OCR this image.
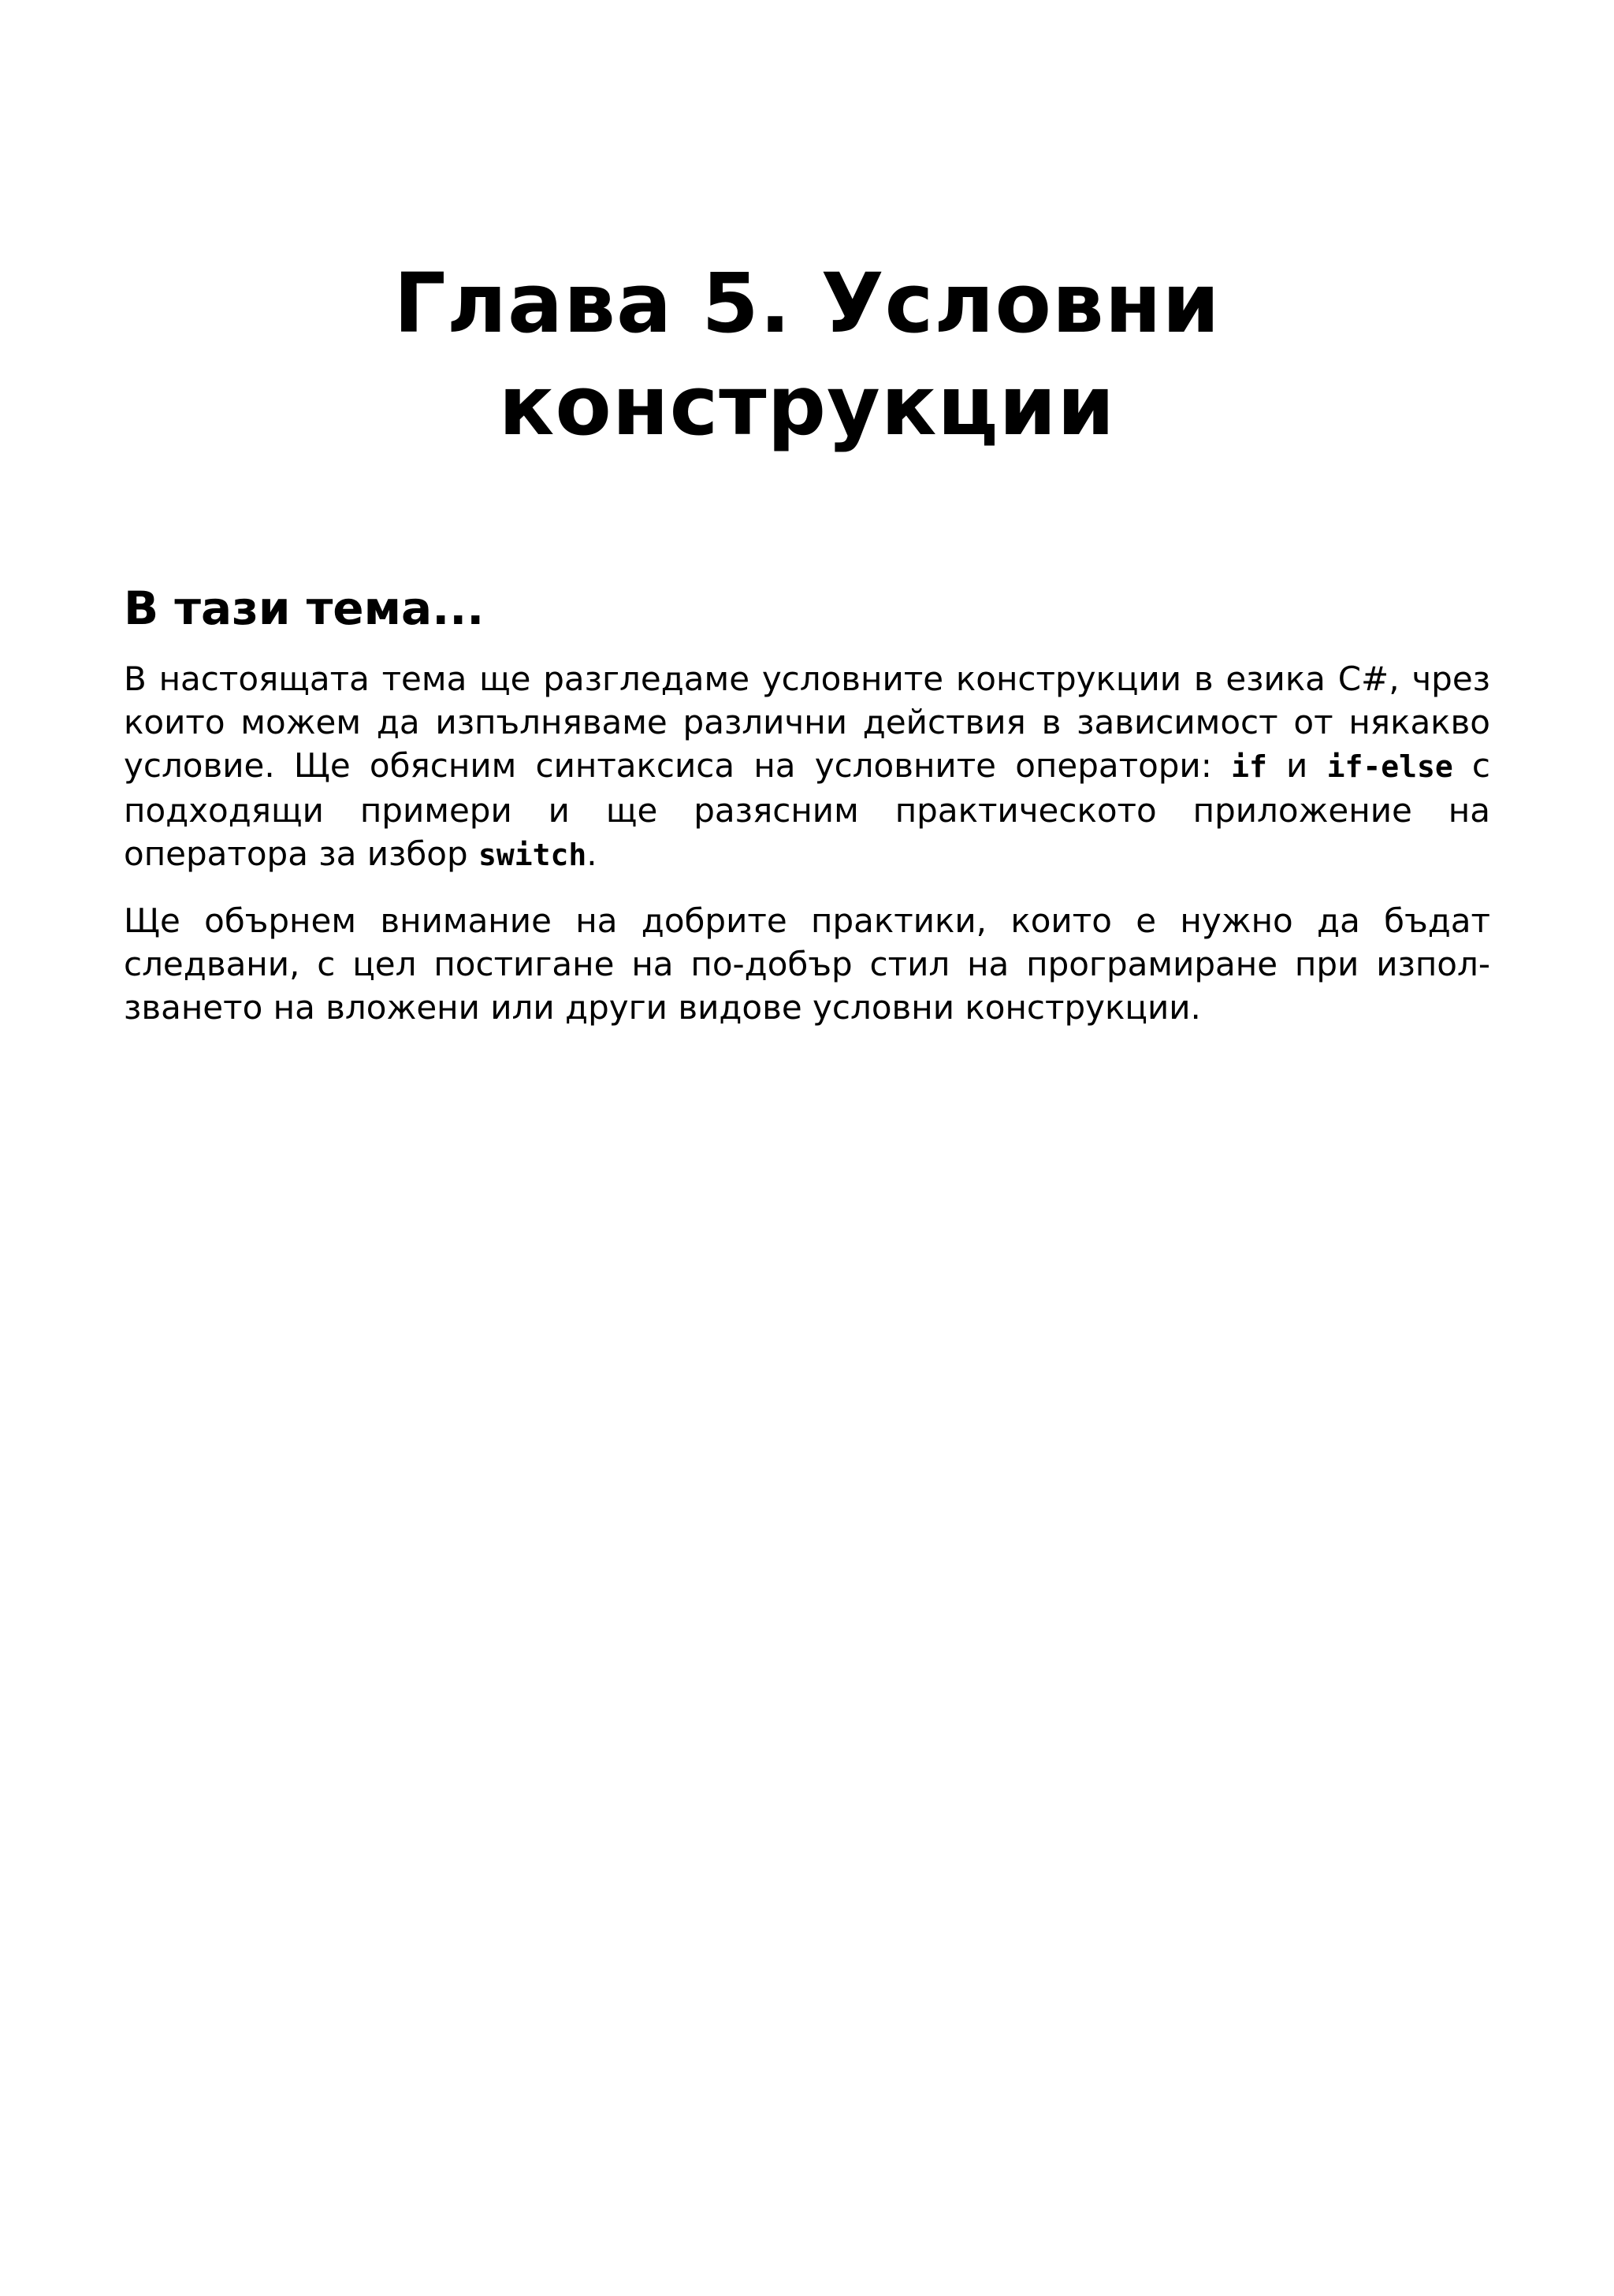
Глава 5. Условни
конструкции
В тази тема...

В настоящата тема ще разгледаме условните конструкции в езика C#, чрез които можем да изпълняваме различни действия в зависимост от някакво условие. Ще обясним синтаксиса на условните оператори: if и if-else с подходящи примери и ще разясним практическото приложение на оператора за избор switch.

Ще обърнем внимание на добрите практики, които е нужно да бъдат
следвани, с цел постигане на по-добър стил на програмиране при изпол-
зването на вложени или други видове условни конструкции.
